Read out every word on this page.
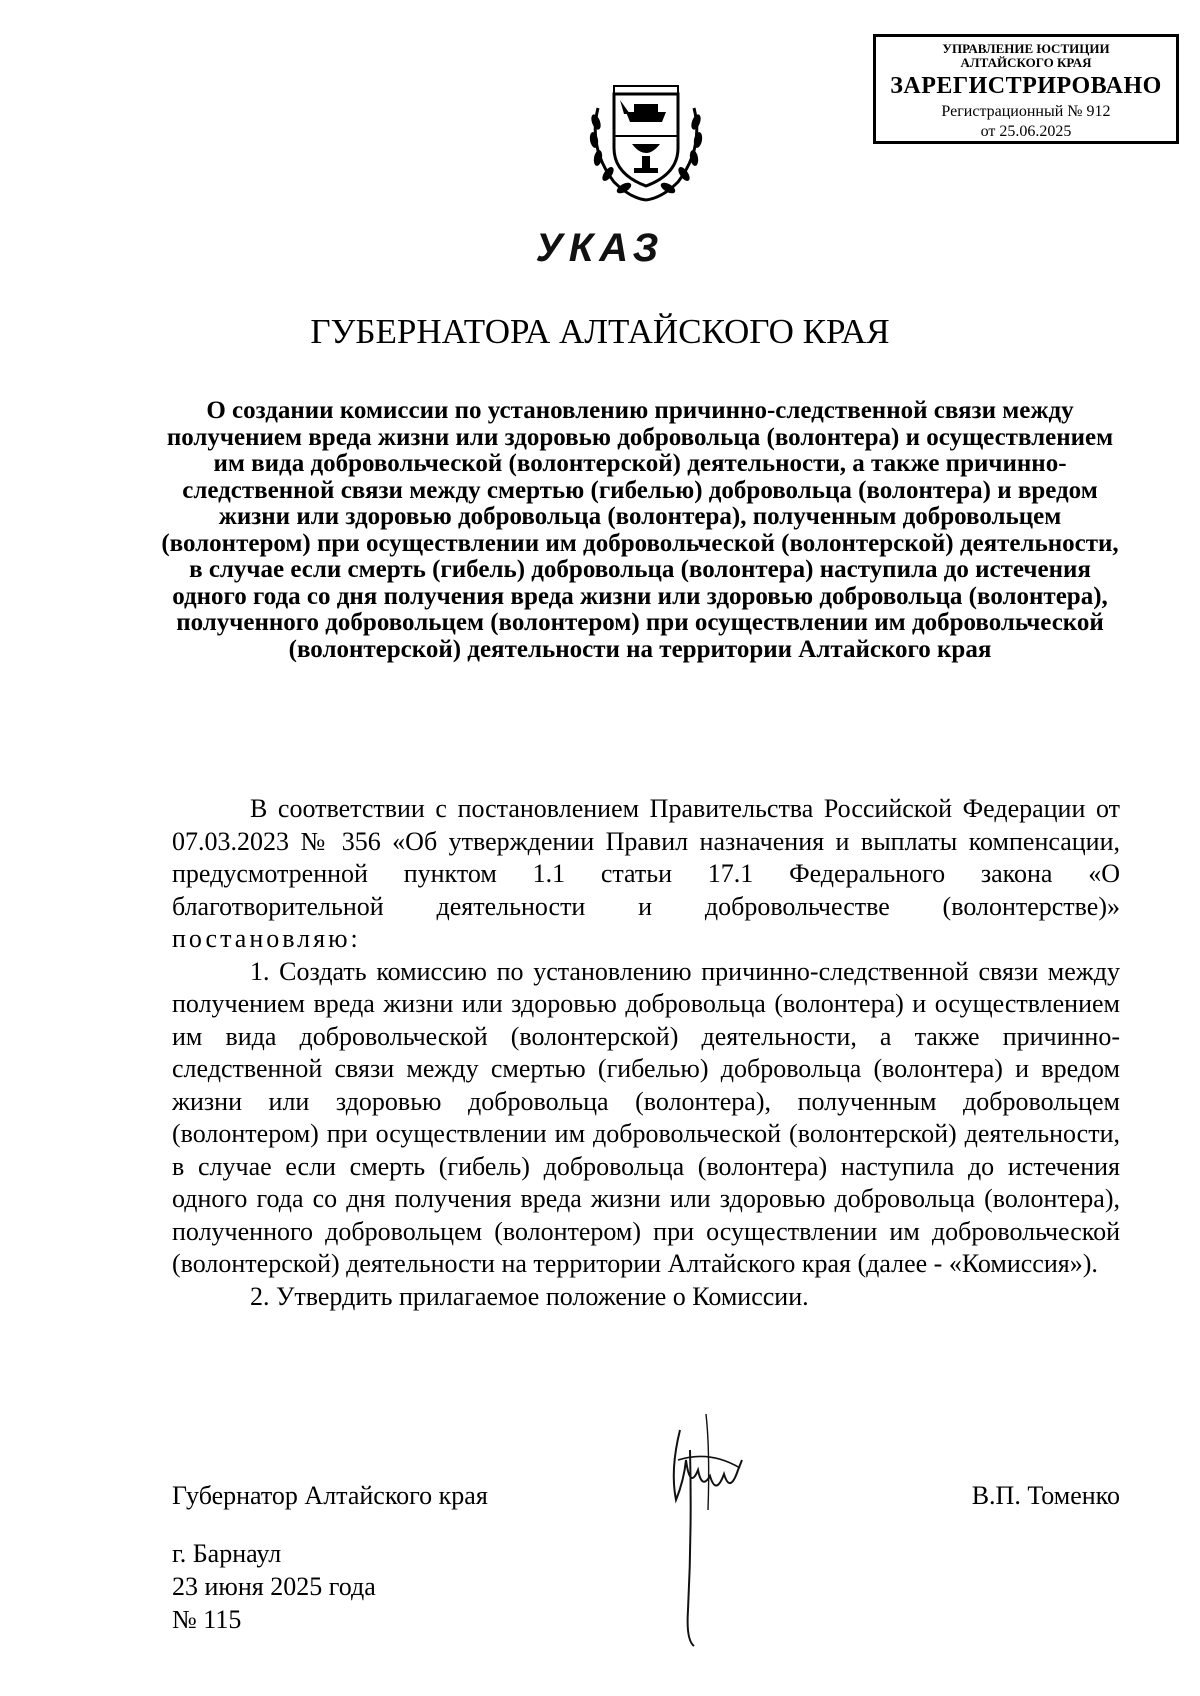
УПРАВЛЕНИЕ ЮСТИЦИИ
АЛТАЙСКОГО КРАЯ
ЗАРЕГИСТРИРОВАНО
Регистрационный № 912
от 25.06.2025
УКАЗ
ГУБЕРНАТОРА АЛТАЙСКОГО КРАЯ
О создании комиссии по установлению причинно-следственной связи между получением вреда жизни или здоровью добровольца (волонтера) и осуществлением им вида добровольческой (волонтерской) деятельности, а также причинно-следственной связи между смертью (гибелью) добровольца (волонтера) и вредом жизни или здоровью добровольца (волонтера), полученным добровольцем (волонтером) при осуществлении им добровольческой (волонтерской) деятельности, в случае если смерть (гибель) добровольца (волонтера) наступила до истечения одного года со дня получения вреда жизни или здоровью добровольца (волонтера), полученного добровольцем (волонтером) при осуществлении им добровольческой (волонтерской) деятельности на территории Алтайского края

В соответствии с постановлением Правительства Российской Федерации от 07.03.2023 № 356 «Об утверждении Правил назначения и выплаты компенсации, предусмотренной пунктом 1.1 статьи 17.1 Федерального закона «О благотворительной деятельности и добровольчестве (волонтерстве)» постановляю:

1. Создать комиссию по установлению причинно-следственной связи между получением вреда жизни или здоровью добровольца (волонтера) и осуществлением им вида добровольческой (волонтерской) деятельности, а также причинно-следственной связи между смертью (гибелью) добровольца (волонтера) и вредом жизни или здоровью добровольца (волонтера), полученным добровольцем (волонтером) при осуществлении им добровольческой (волонтерской) деятельности, в случае если смерть (гибель) добровольца (волонтера) наступила до истечения одного года со дня получения вреда жизни или здоровью добровольца (волонтера), полученного добровольцем (волонтером) при осуществлении им добровольческой (волонтерской) деятельности на территории Алтайского края (далее - «Комиссия»).

2. Утвердить прилагаемое положение о Комиссии.

Губернатор Алтайского края	В.П. Томенко
г. Барнаул
23 июня 2025 года
№ 115
